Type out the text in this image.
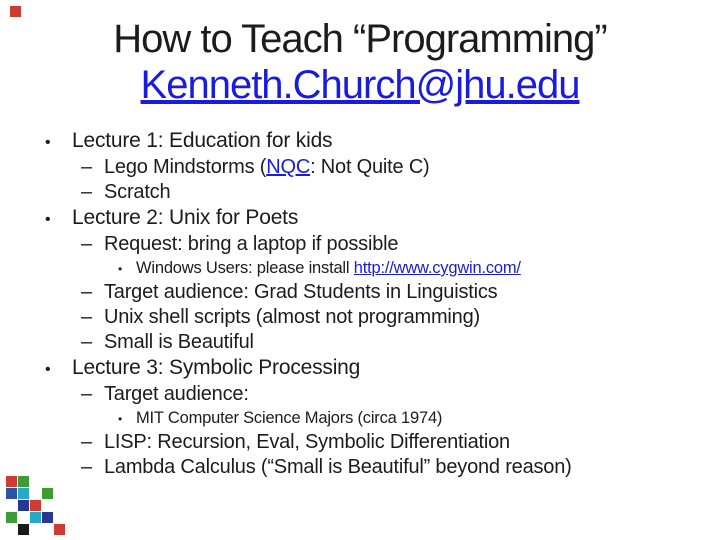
How to Teach “Programming”
Kenneth.Church@jhu.edu
•	Lecture 1: Education for kids
– Lego Mindstorms (NQC: Not Quite C)
– Scratch
•	Lecture 2: Unix for Poets
– Request: bring a laptop if possible
• Windows Users: please install http://www.cygwin.com/
– Target audience: Grad Students in Linguistics
– Unix shell scripts (almost not programming)
– Small is Beautiful
•	Lecture 3: Symbolic Processing
– Target audience:
• MIT Computer Science Majors (circa 1974)
– LISP: Recursion, Eval, Symbolic Differentiation
– Lambda Calculus (“Small is Beautiful” beyond reason)
